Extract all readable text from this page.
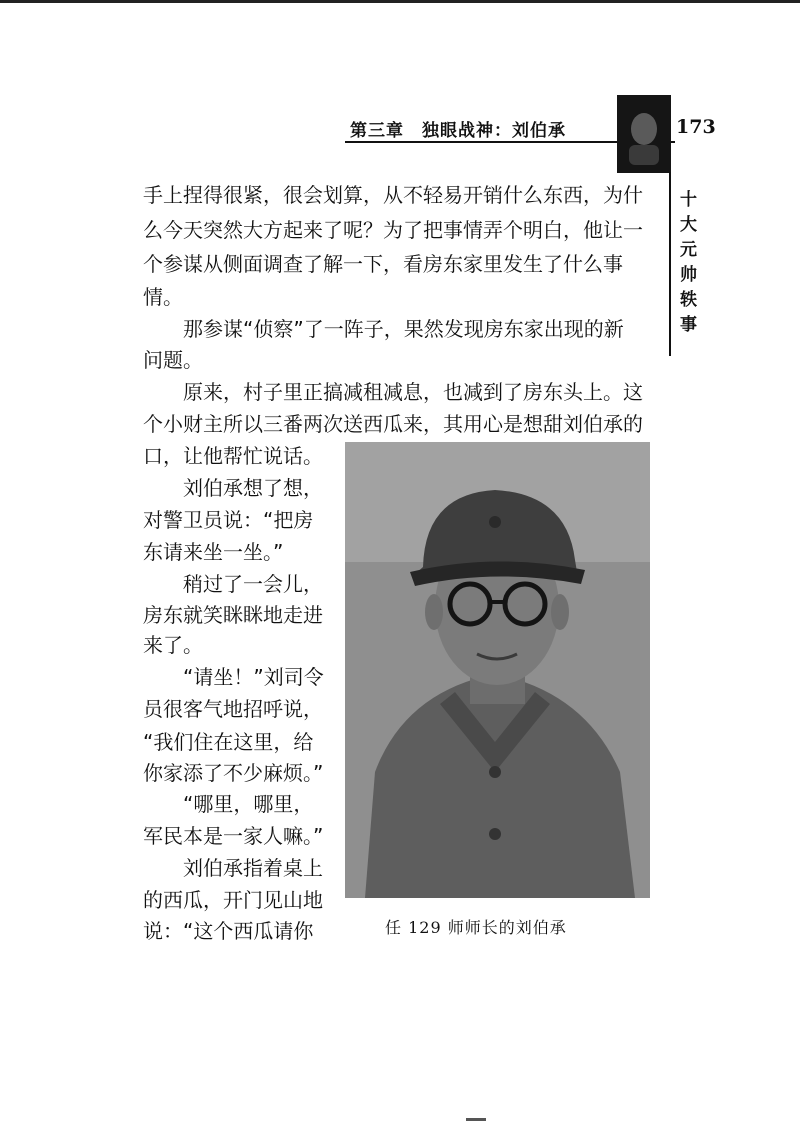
第三章　独眼战神：刘伯承	173
十大元帅轶事
手上捏得很紧，很会划算，从不轻易开销什么东西，为什
么今天突然大方起来了呢？为了把事情弄个明白，他让一
个参谋从侧面调查了解一下，看房东家里发生了什么事
情。
那参谋“侦察”了一阵子，果然发现房东家出现的新
问题。
原来，村子里正搞减租减息，也减到了房东头上。这
个小财主所以三番两次送西瓜来，其用心是想甜刘伯承的
口，让他帮忙说话。
刘伯承想了想，
对警卫员说：“把房
东请来坐一坐。”
稍过了一会儿，
房东就笑眯眯地走进
来了。
“请坐！”刘司令
员很客气地招呼说，
“我们住在这里，给
你家添了不少麻烦。”
“哪里，哪里，
军民本是一家人嘛。”
刘伯承指着桌上
的西瓜，开门见山地
说：“这个西瓜请你	任 129 师师长的刘伯承
